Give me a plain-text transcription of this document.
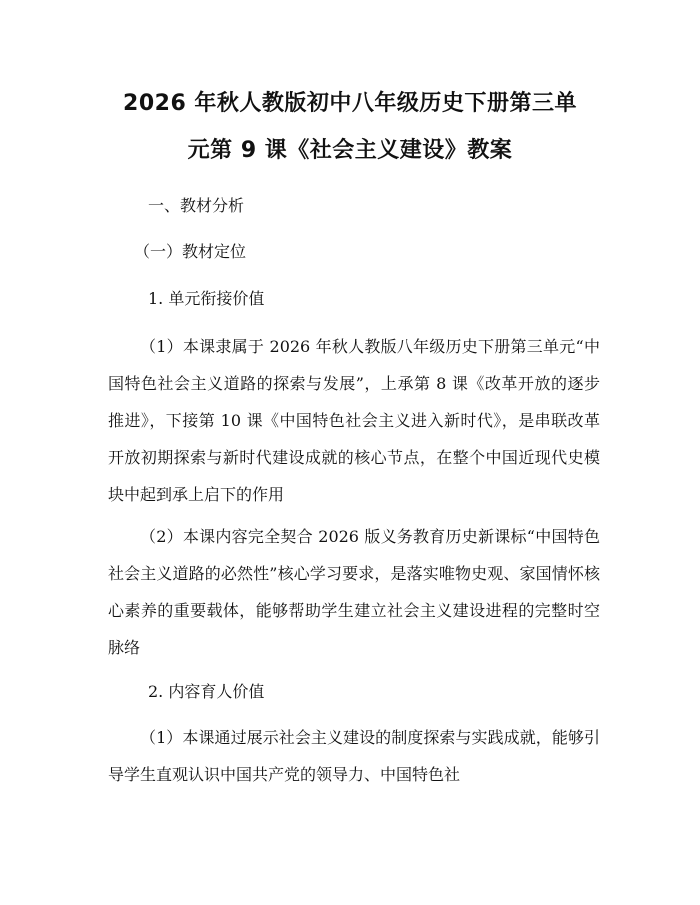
2026 年秋人教版初中八年级历史下册第三单
元第 9 课《社会主义建设》教案
一、教材分析
（一）教材定位
1. 单元衔接价值

（1）本课隶属于 2026 年秋人教版八年级历史下册第三单元“中国特色社会主义道路的探索与发展”，上承第 8 课《改革开放的逐步推进》，下接第 10 课《中国特色社会主义进入新时代》，是串联改革开放初期探索与新时代建设成就的核心节点，在整个中国近现代史模块中起到承上启下的作用

（2）本课内容完全契合 2026 版义务教育历史新课标“中国特色社会主义道路的必然性”核心学习要求，是落实唯物史观、家国情怀核心素养的重要载体，能够帮助学生建立社会主义建设进程的完整时空脉络

2. 内容育人价值

（1）本课通过展示社会主义建设的制度探索与实践成就，能够引导学生直观认识中国共产党的领导力、中国特色社
